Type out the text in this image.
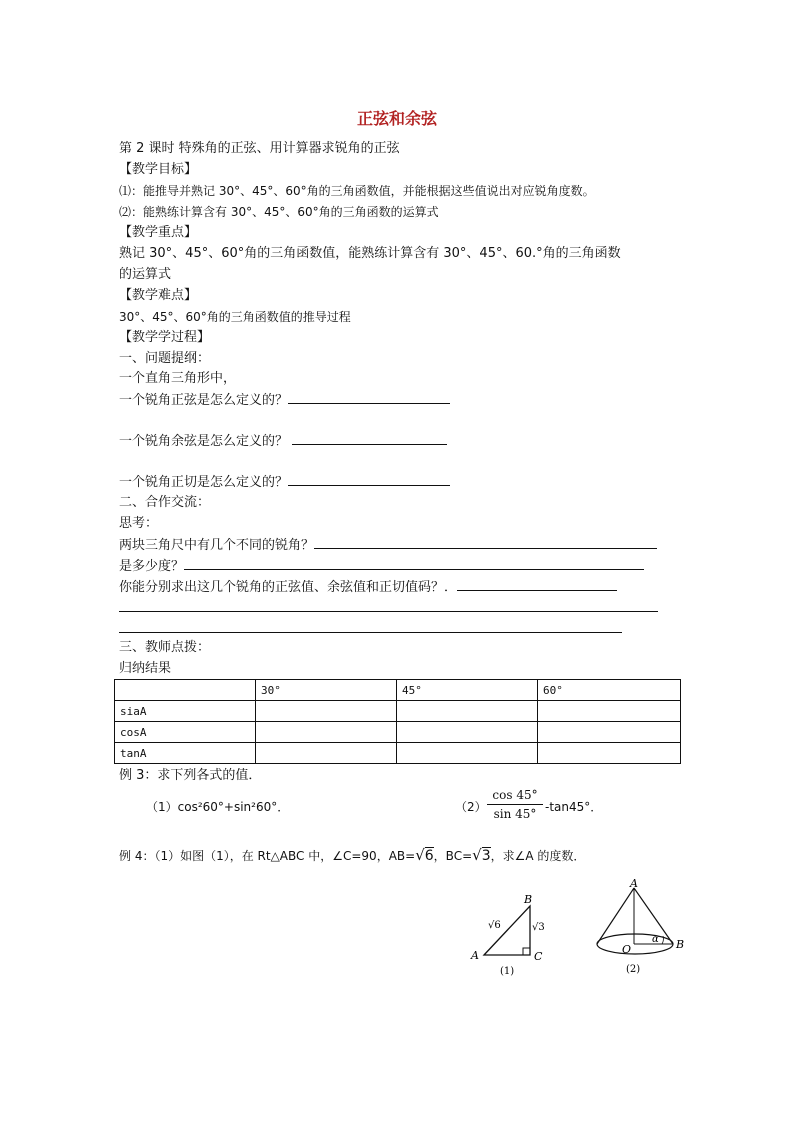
正弦和余弦
第 2 课时 特殊角的正弦、用计算器求锐角的正弦
【教学目标】
⑴：能推导并熟记 30°、45°、60°角的三角函数值，并能根据这些值说出对应锐角度数。
⑵：能熟练计算含有 30°、45°、60°角的三角函数的运算式
【教学重点】
熟记 30°、45°、60°角的三角函数值，能熟练计算含有 30°、45°、60.°角的三角函数
的运算式
【教学难点】
30°、45°、60°角的三角函数值的推导过程
【教学学过程】
一、问题提纲：
一个直角三角形中，
一个锐角正弦是怎么定义的？
一个锐角余弦是怎么定义的？
一个锐角正切是怎么定义的？
二、合作交流：
思考：
两块三角尺中有几个不同的锐角？
是多少度？
你能分别求出这几个锐角的正弦值、余弦值和正切值码？．
三、教师点拨：
归纳结果
	30°	45°	60°
siaA			
cosA			
tanA			
例 3：求下列各式的值．
（1）cos²60°+sin²60°．	（2）
cos 45°
sin 45° -tan45°．
例 4：（1）如图（1），在 Rt△ABC 中，∠C=90，AB=√6，BC=√3，求∠A 的度数．
A
B
C
√6	√3
(1)
A
O	B
α
(2)
